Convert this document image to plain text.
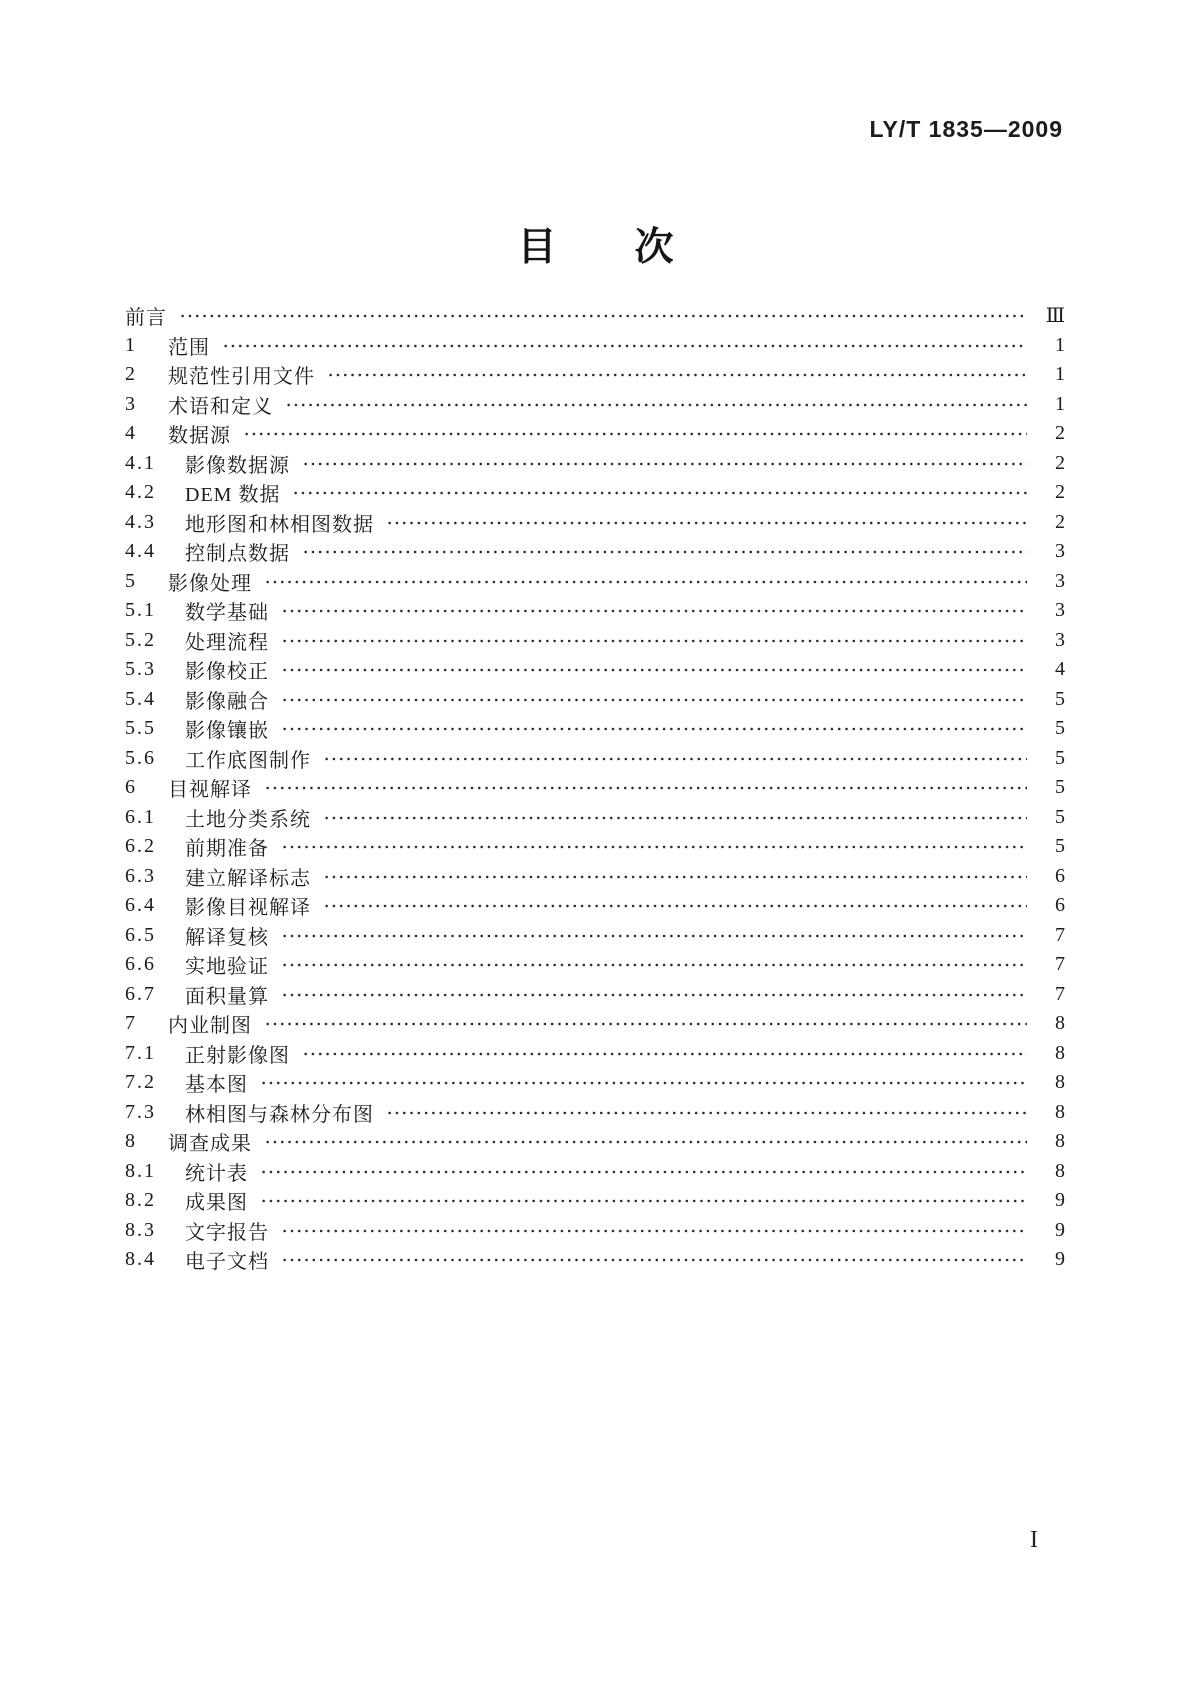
LY/T 1835—2009
目　　次
前言	Ⅲ
1	范围	1
2	规范性引用文件	1
3	术语和定义	1
4	数据源	2
4.1	影像数据源	2
4.2	DEM 数据	2
4.3	地形图和林相图数据	2
4.4	控制点数据	3
5	影像处理	3
5.1	数学基础	3
5.2	处理流程	3
5.3	影像校正	4
5.4	影像融合	5
5.5	影像镶嵌	5
5.6	工作底图制作	5
6	目视解译	5
6.1	土地分类系统	5
6.2	前期准备	5
6.3	建立解译标志	6
6.4	影像目视解译	6
6.5	解译复核	7
6.6	实地验证	7
6.7	面积量算	7
7	内业制图	8
7.1	正射影像图	8
7.2	基本图	8
7.3	林相图与森林分布图	8
8	调查成果	8
8.1	统计表	8
8.2	成果图	9
8.3	文字报告	9
8.4	电子文档	9
I
